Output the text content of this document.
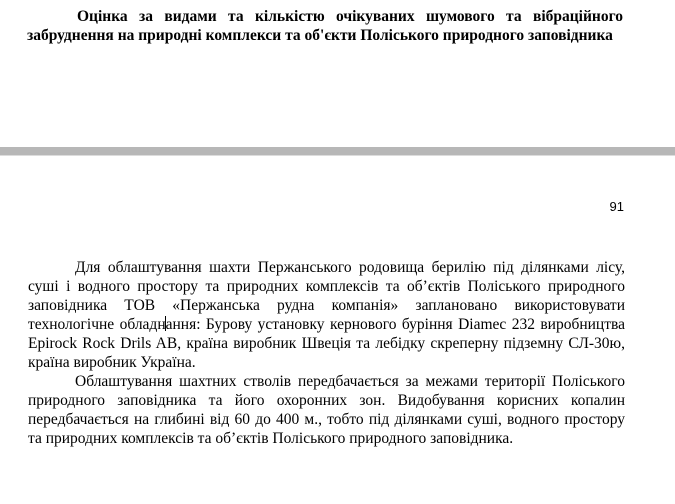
Оцінка за видами та кількістю очікуваних шумового та вібраційного забруднення на природні комплекси та об'єкти Поліського природного заповідника

91

Для облаштування шахти Пержанського родовища берилію під ділянками лісу, суші і водного простору та природних комплексів та об’єктів Поліського природного заповідника ТОВ «Пержанська рудна компанія» заплановано використовувати технологічне обладнання: Бурову установку кернового буріння Diamec 232 виробництва Epirock Rock Drils AB, країна виробник Швеція та лебідку скреперну підземну СЛ-30ю, країна виробник Україна.

Облаштування шахтних стволів передбачається за межами території Поліського природного заповідника та його охоронних зон. Видобування корисних копалин передбачається на глибині від 60 до 400 м., тобто під ділянками суші, водного простору та природних комплексів та об’єктів Поліського природного заповідника.
